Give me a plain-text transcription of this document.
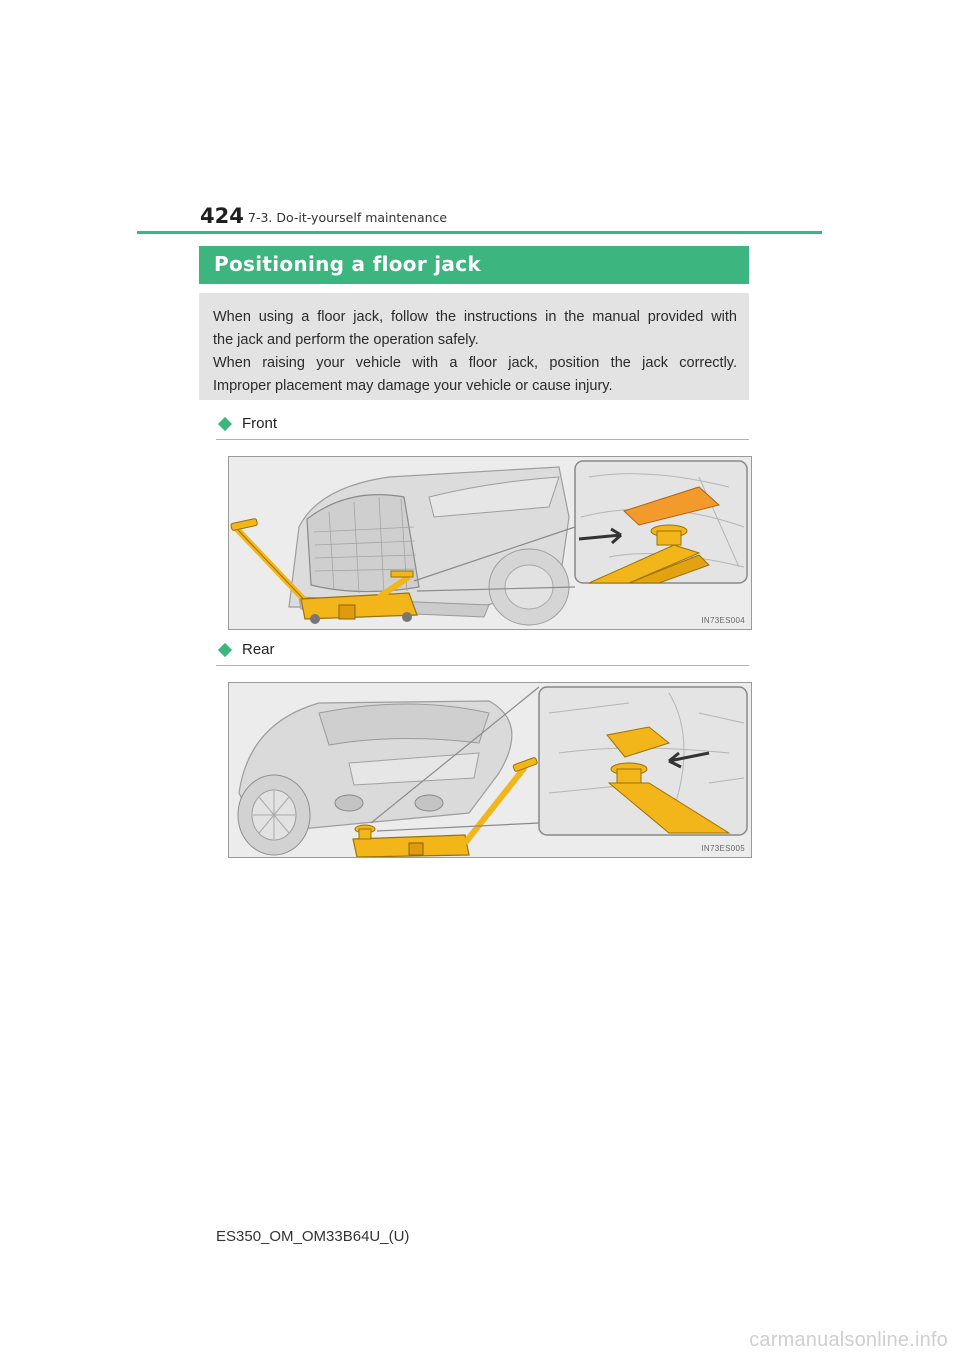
424 7-3. Do-it-yourself maintenance
Positioning a floor jack

When using a floor jack, follow the instructions in the manual provided with
the jack and perform the operation safely.
When raising your vehicle with a floor jack, position the jack correctly.
Improper placement may damage your vehicle or cause injury.

Front
IN73ES004
Rear
IN73ES005
ES350_OM_OM33B64U_(U)
carmanualsonline.info
